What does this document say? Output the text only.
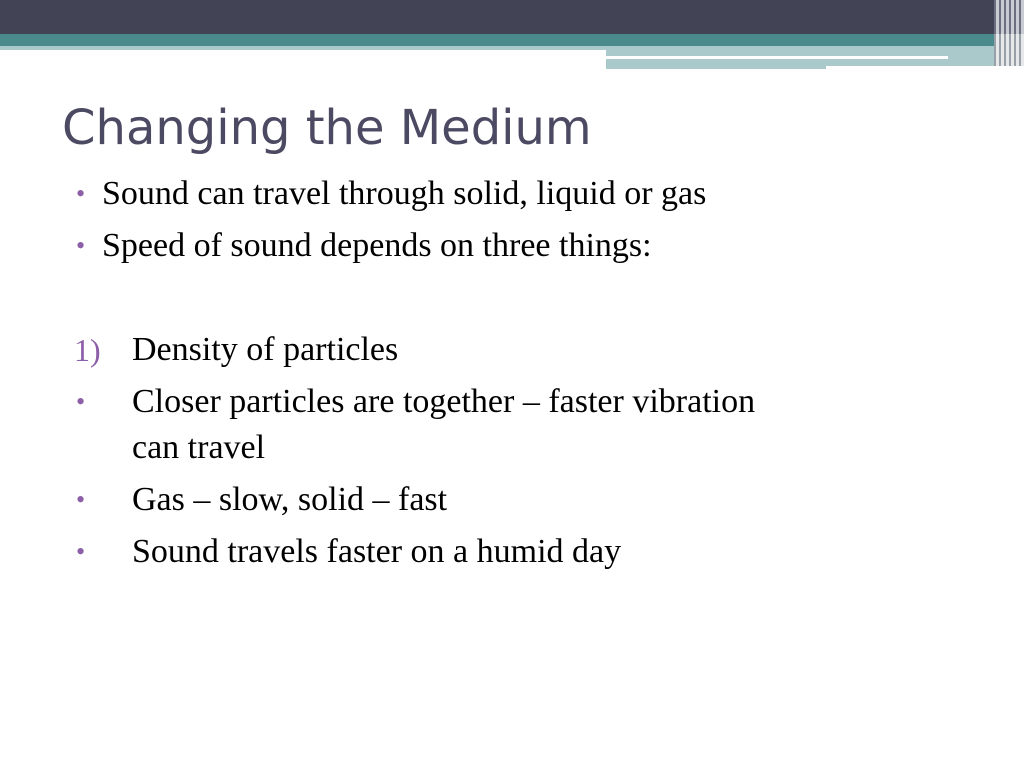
Changing the Medium
• Sound can travel through solid, liquid or gas
• Speed of sound depends on three things:
1) Density of particles
• Closer particles are together – faster vibration
can travel
• Gas – slow, solid – fast
• Sound travels faster on a humid day
